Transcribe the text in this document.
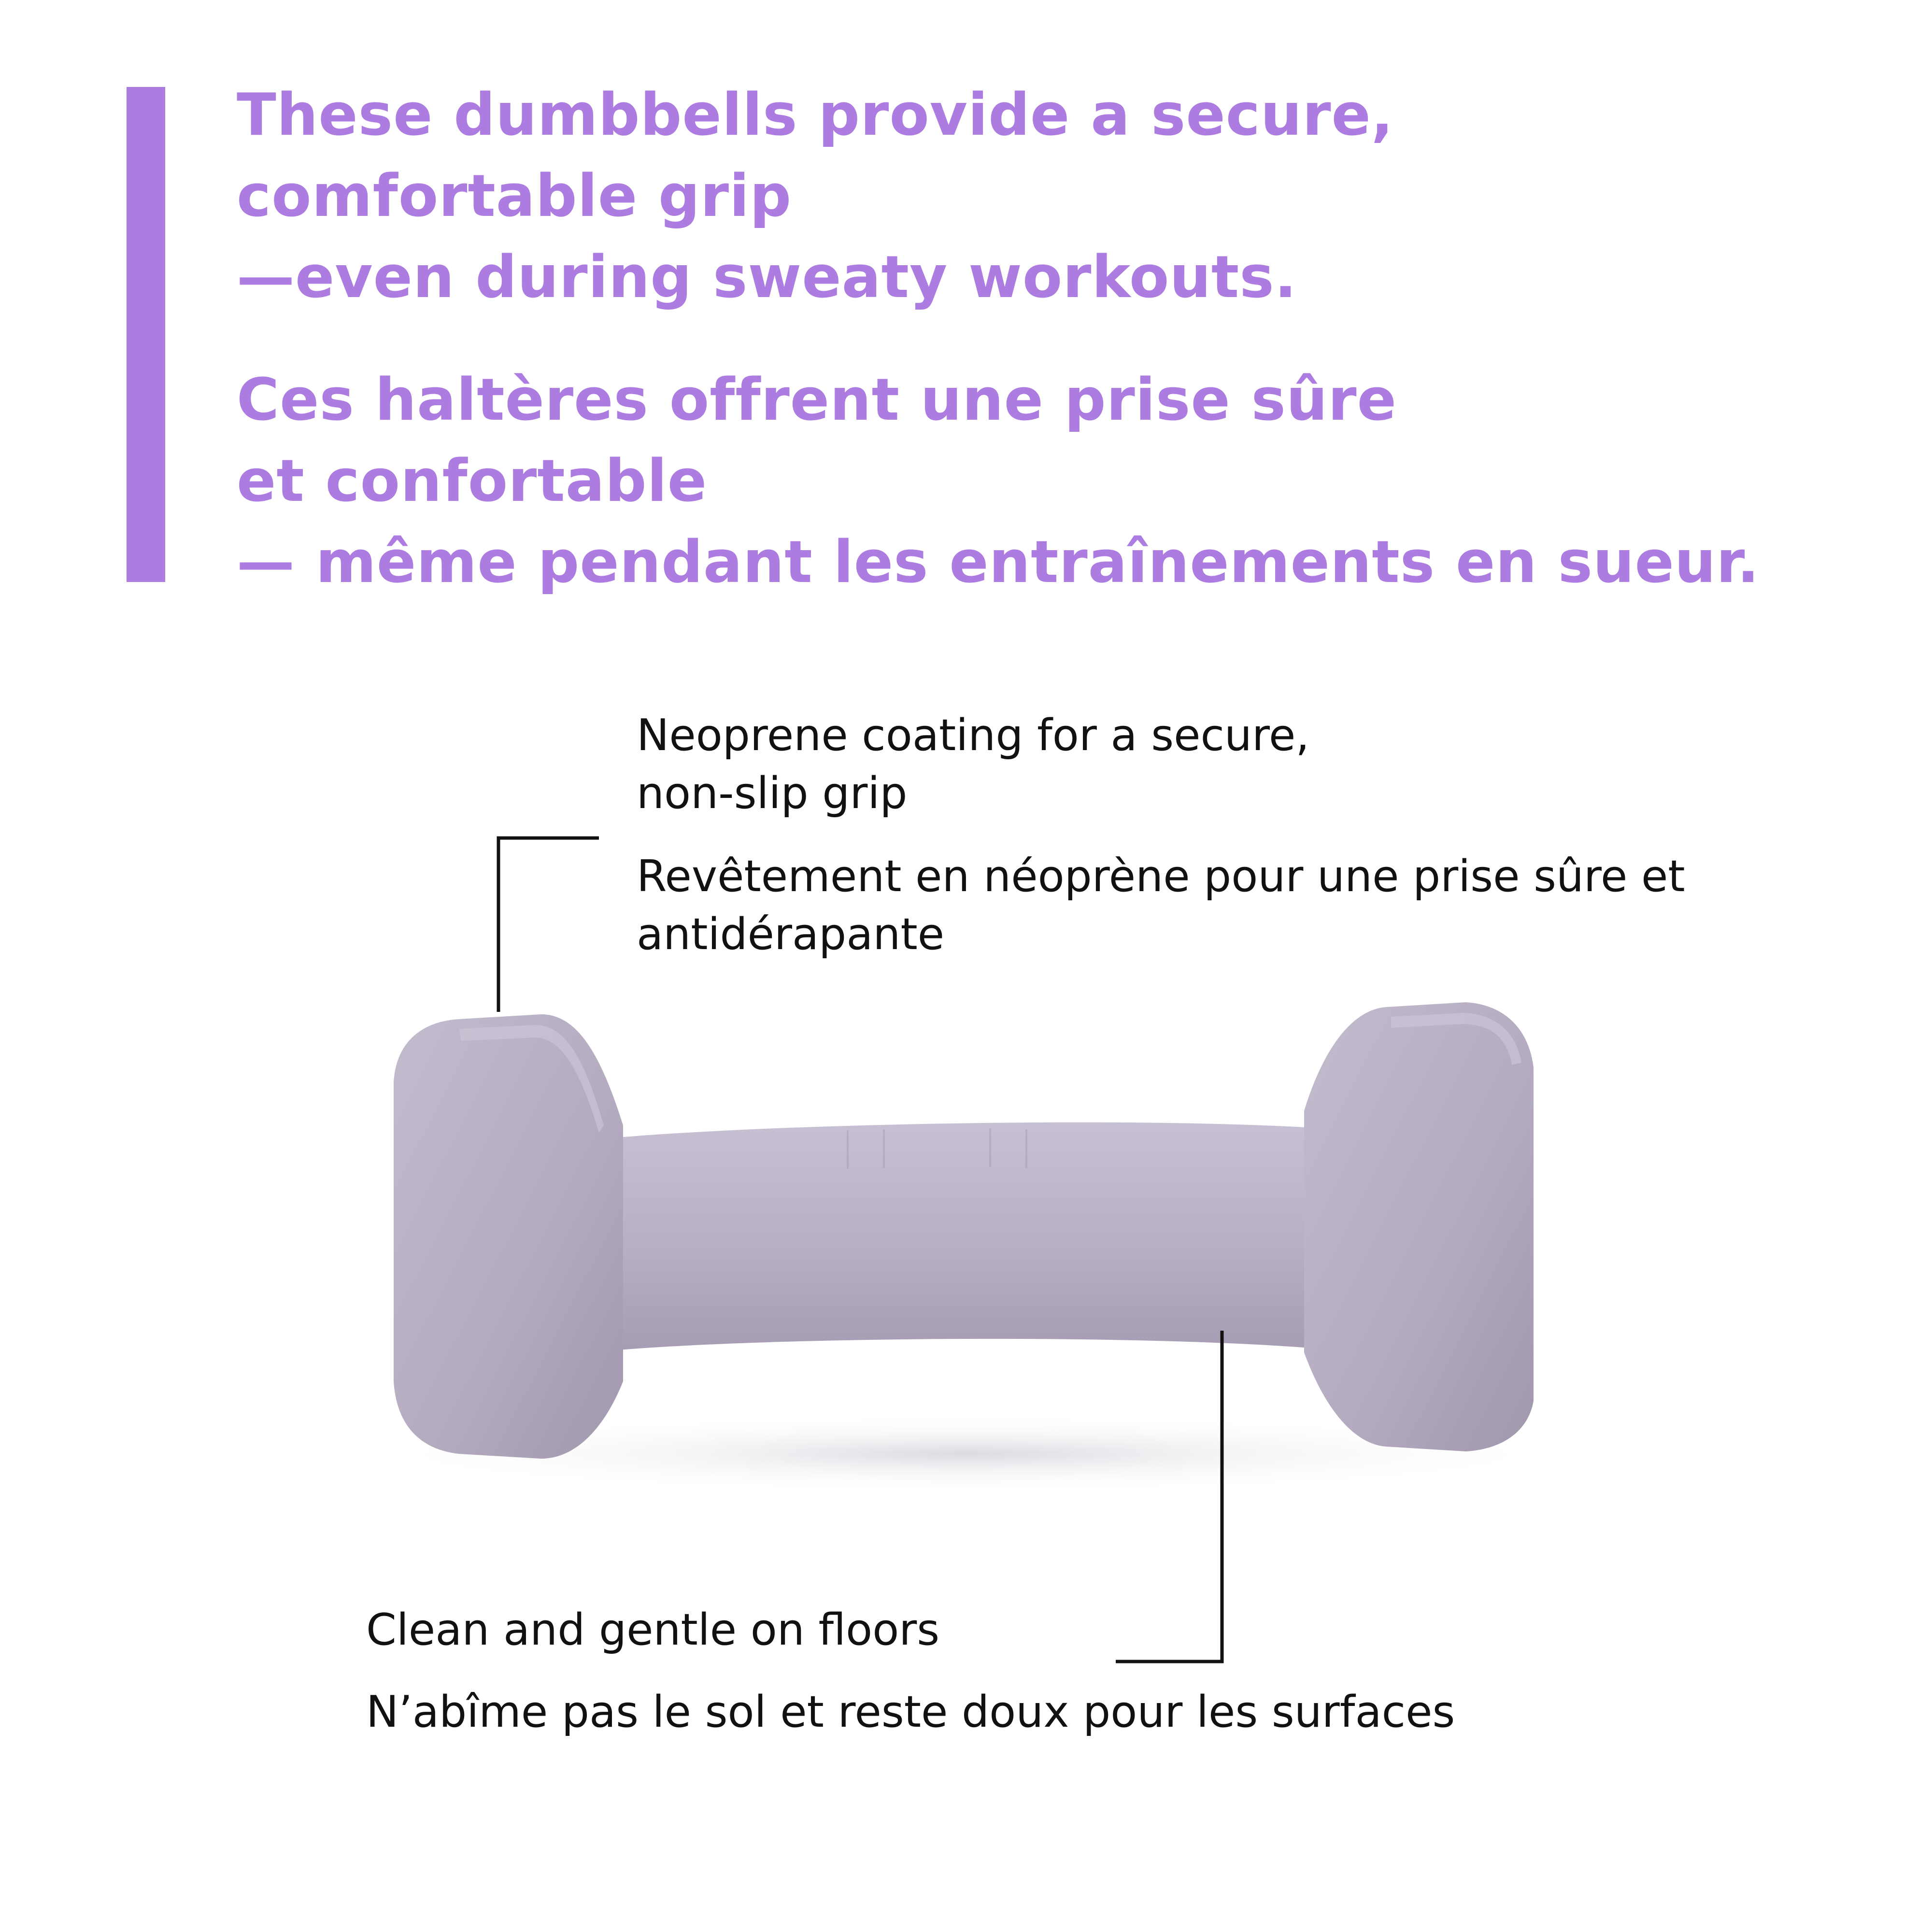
These dumbbells provide a secure,
comfortable grip
—even during sweaty workouts.
Ces haltères offrent une prise sûre
et confortable
— même pendant les entraînements en sueur.

Neoprene coating for a secure,
non-slip grip

Revêtement en néoprène pour une prise sûre et
antidérapante

Clean and gentle on floors

N’abîme pas le sol et reste doux pour les surfaces
